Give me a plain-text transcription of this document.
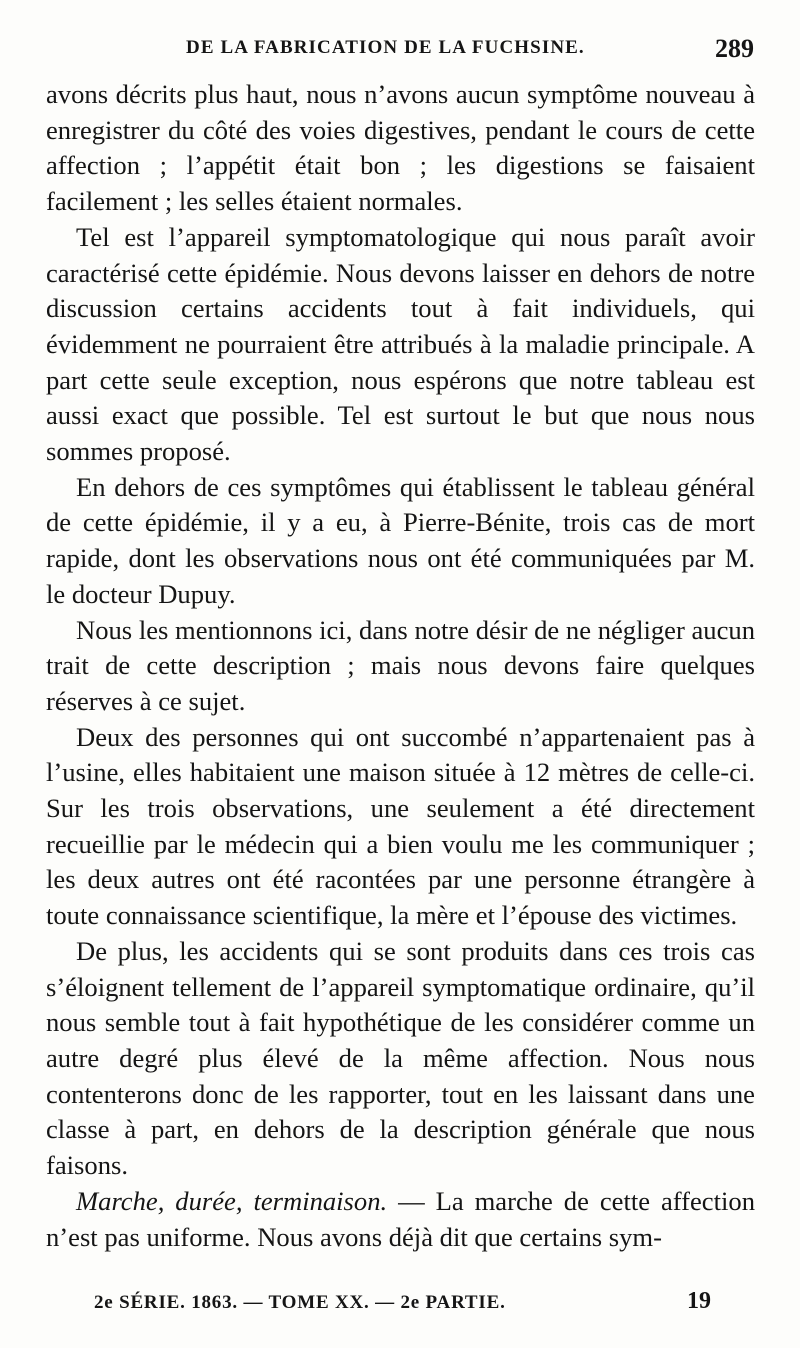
DE LA FABRICATION DE LA FUCHSINE.	289

avons décrits plus haut, nous n’avons aucun symptôme nouveau à enregistrer du côté des voies digestives, pendant le cours de cette affection ; l’appétit était bon ; les digestions se faisaient facilement ; les selles étaient normales.

Tel est l’appareil symptomatologique qui nous paraît avoir caractérisé cette épidémie. Nous devons laisser en dehors de notre discussion certains accidents tout à fait individuels, qui évidemment ne pourraient être attribués à la maladie principale. A part cette seule exception, nous espérons que notre tableau est aussi exact que possible. Tel est surtout le but que nous nous sommes proposé.

En dehors de ces symptômes qui établissent le tableau général de cette épidémie, il y a eu, à Pierre-Bénite, trois cas de mort rapide, dont les observations nous ont été communiquées par M. le docteur Dupuy.

Nous les mentionnons ici, dans notre désir de ne négliger aucun trait de cette description ; mais nous devons faire quelques réserves à ce sujet.

Deux des personnes qui ont succombé n’appartenaient pas à l’usine, elles habitaient une maison située à 12 mètres de celle-ci. Sur les trois observations, une seulement a été directement recueillie par le médecin qui a bien voulu me les communiquer ; les deux autres ont été racontées par une personne étrangère à toute connaissance scientifique, la mère et l’épouse des victimes.

De plus, les accidents qui se sont produits dans ces trois cas s’éloignent tellement de l’appareil symptomatique ordinaire, qu’il nous semble tout à fait hypothétique de les considérer comme un autre degré plus élevé de la même affection. Nous nous contenterons donc de les rapporter, tout en les laissant dans une classe à part, en dehors de la description générale que nous faisons.

Marche, durée, terminaison. — La marche de cette affection n’est pas uniforme. Nous avons déjà dit que certains sym-

2e SÉRIE. 1863. — TOME XX. — 2e PARTIE.	19
